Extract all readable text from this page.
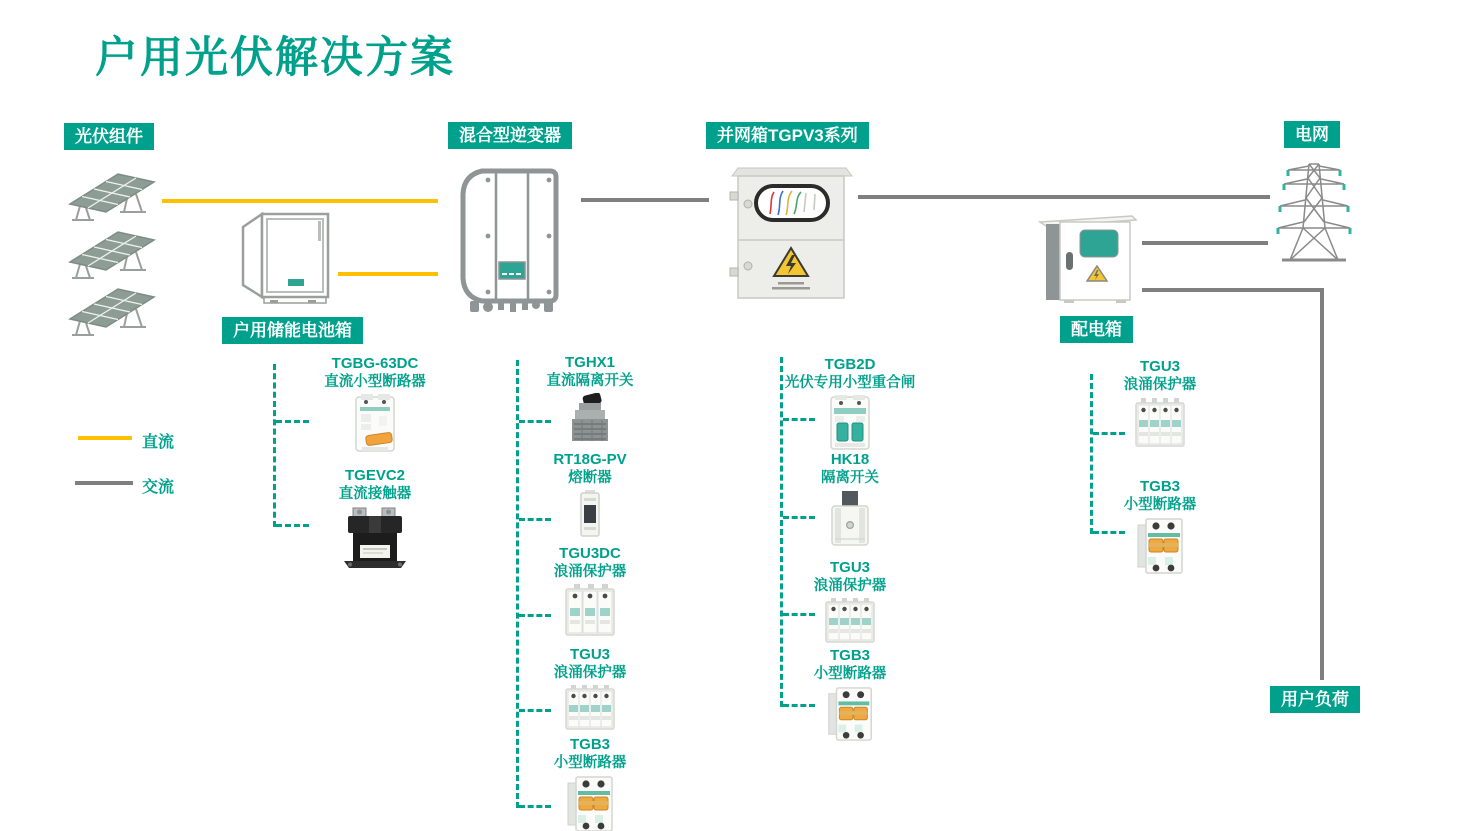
户用光伏解决方案
光伏组件	混合型逆变器	并网箱TGPV3系列	电网
户用储能电池箱	配电箱
用户负荷
直流
交流
TGBG-63DC
直流小型断路器
TGEVC2
直流接触器
TGHX1
直流隔离开关
RT18G-PV
熔断器
TGU3DC
浪涌保护器
TGU3
浪涌保护器
TGB3
小型断路器
TGB2D
光伏专用小型重合闸
HK18
隔离开关
TGU3
浪涌保护器
TGB3
小型断路器
TGU3
浪涌保护器
TGB3
小型断路器
